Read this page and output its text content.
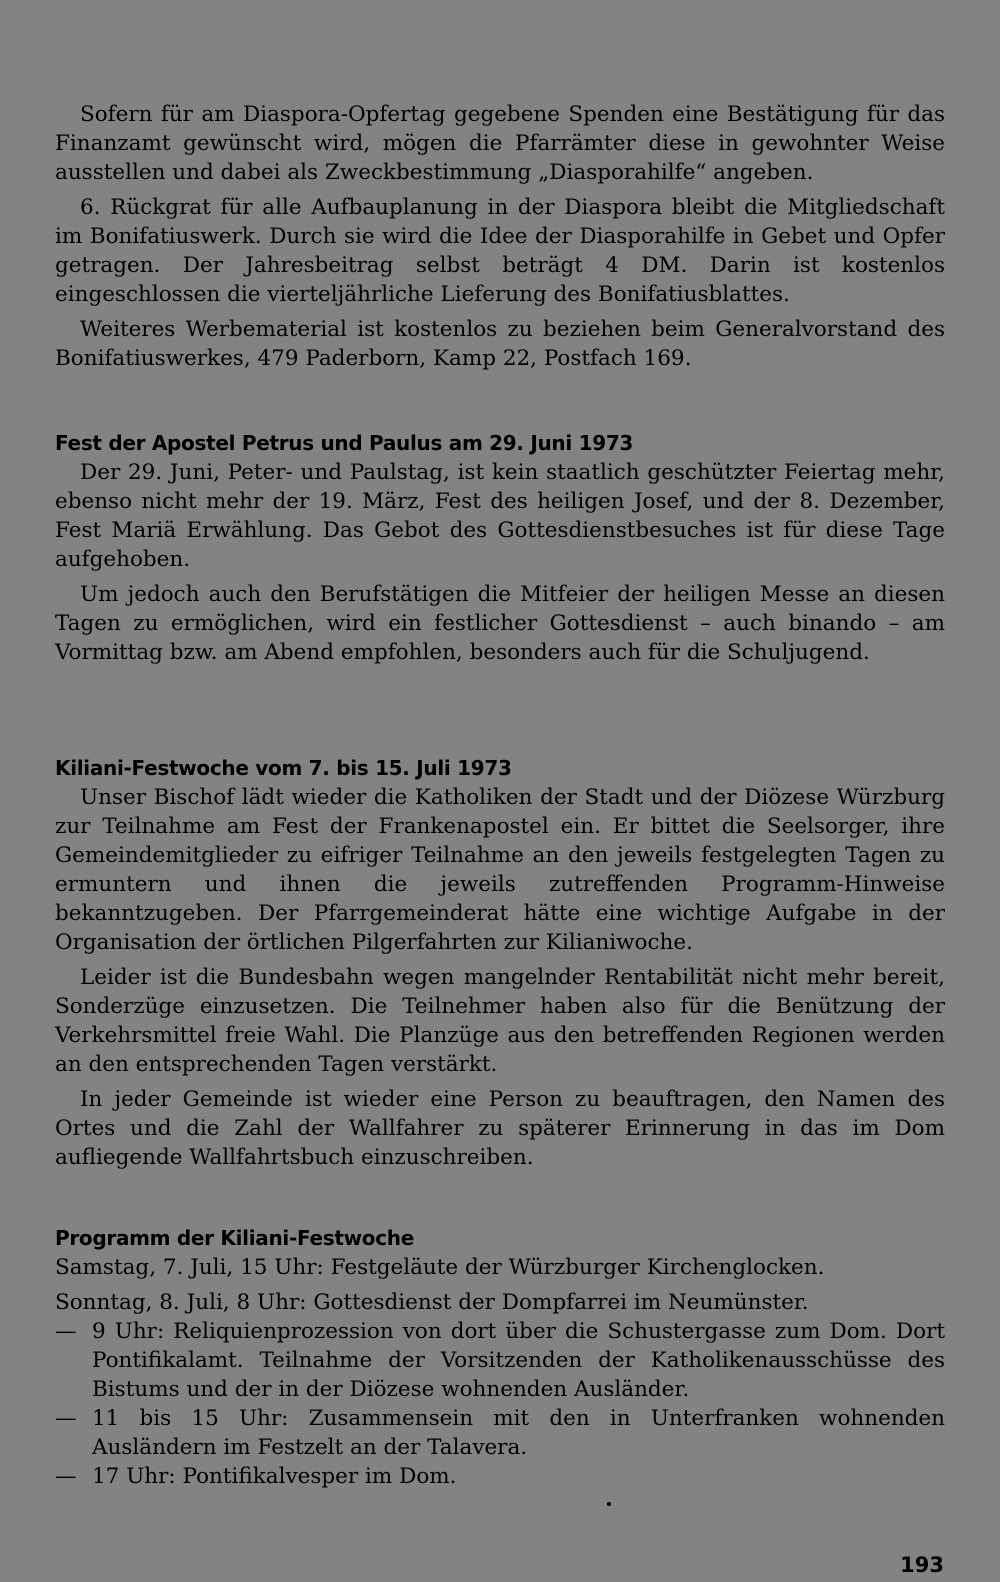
Sofern für am Diaspora-Opfertag gegebene Spenden eine Bestätigung für das Finanzamt gewünscht wird, mögen die Pfarrämter diese in gewohnter Weise ausstellen und dabei als Zweckbestimmung „Diasporahilfe“ angeben.

6. Rückgrat für alle Aufbauplanung in der Diaspora bleibt die Mitgliedschaft im Bonifatiuswerk. Durch sie wird die Idee der Diasporahilfe in Gebet und Opfer getragen. Der Jahresbeitrag selbst beträgt 4 DM. Darin ist kostenlos eingeschlossen die vierteljährliche Lieferung des Bonifatiusblattes.

Weiteres Werbematerial ist kostenlos zu beziehen beim Generalvorstand des Bonifatiuswerkes, 479 Paderborn, Kamp 22, Postfach 169.

Fest der Apostel Petrus und Paulus am 29. Juni 1973

Der 29. Juni, Peter- und Paulstag, ist kein staatlich geschützter Feiertag mehr, ebenso nicht mehr der 19. März, Fest des heiligen Josef, und der 8. Dezember, Fest Mariä Erwählung. Das Gebot des Gottesdienstbesuches ist für diese Tage aufgehoben.

Um jedoch auch den Berufstätigen die Mitfeier der heiligen Messe an diesen Tagen zu ermöglichen, wird ein festlicher Gottesdienst – auch binando – am Vormittag bzw. am Abend empfohlen, besonders auch für die Schuljugend.

Kiliani-Festwoche vom 7. bis 15. Juli 1973

Unser Bischof lädt wieder die Katholiken der Stadt und der Diözese Würzburg zur Teilnahme am Fest der Frankenapostel ein. Er bittet die Seelsorger, ihre Gemeindemitglieder zu eifriger Teilnahme an den jeweils festgelegten Tagen zu ermuntern und ihnen die jeweils zutreffenden Programm-Hinweise bekanntzugeben. Der Pfarrgemeinderat hätte eine wichtige Aufgabe in der Organisation der örtlichen Pilgerfahrten zur Kilianiwoche.

Leider ist die Bundesbahn wegen mangelnder Rentabilität nicht mehr bereit, Sonderzüge einzusetzen. Die Teilnehmer haben also für die Benützung der Verkehrsmittel freie Wahl. Die Planzüge aus den betreffenden Regionen werden an den entsprechenden Tagen verstärkt.

In jeder Gemeinde ist wieder eine Person zu beauftragen, den Namen des Ortes und die Zahl der Wallfahrer zu späterer Erinnerung in das im Dom aufliegende Wallfahrtsbuch einzuschreiben.

Programm der Kiliani-Festwoche

Samstag, 7. Juli, 15 Uhr: Festgeläute der Würzburger Kirchenglocken.

Sonntag, 8. Juli, 8 Uhr: Gottesdienst der Dompfarrei im Neumünster.

— 9 Uhr: Reliquienprozession von dort über die Schustergasse zum Dom. Dort Pontifikalamt. Teilnahme der Vorsitzenden der Katholikenausschüsse des Bistums und der in der Diözese wohnenden Ausländer.
— 11 bis 15 Uhr: Zusammensein mit den in Unterfranken wohnenden Ausländern im Festzelt an der Talavera.
— 17 Uhr: Pontifikalvesper im Dom.
193
